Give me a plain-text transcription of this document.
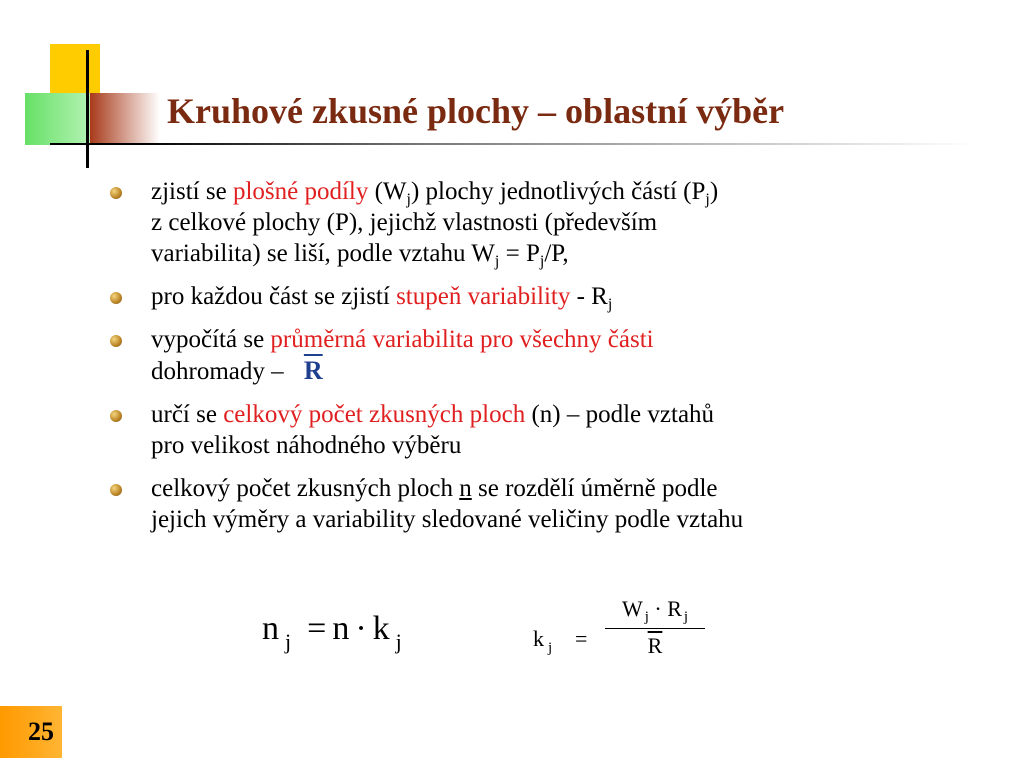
Kruhové zkusné plochy – oblastní výběr
zjistí se plošné podíly $(W_j)$ plochy jednotlivých částí $(P_j)$
z celkové plochy (P), jejichž vlastnosti (především
variabilita) se liší, podle vztahu $W_j = P_j/P$,
pro každou část se zjistí stupeň variability - $R_j$
vypočítá se průměrná variabilita pro všechny části
dohromady – $\overline{R}$
určí se celkový počet zkusných ploch (n) – podle vztahů
pro velikost náhodného výběru
celkový počet zkusných ploch n se rozdělí úměrně podle
jejich výměry a variability sledované veličiny podle vztahu
n $_j$ = n · k $_j$	k $_j = \frac{W _j \cdot R _j}{R}$
25
